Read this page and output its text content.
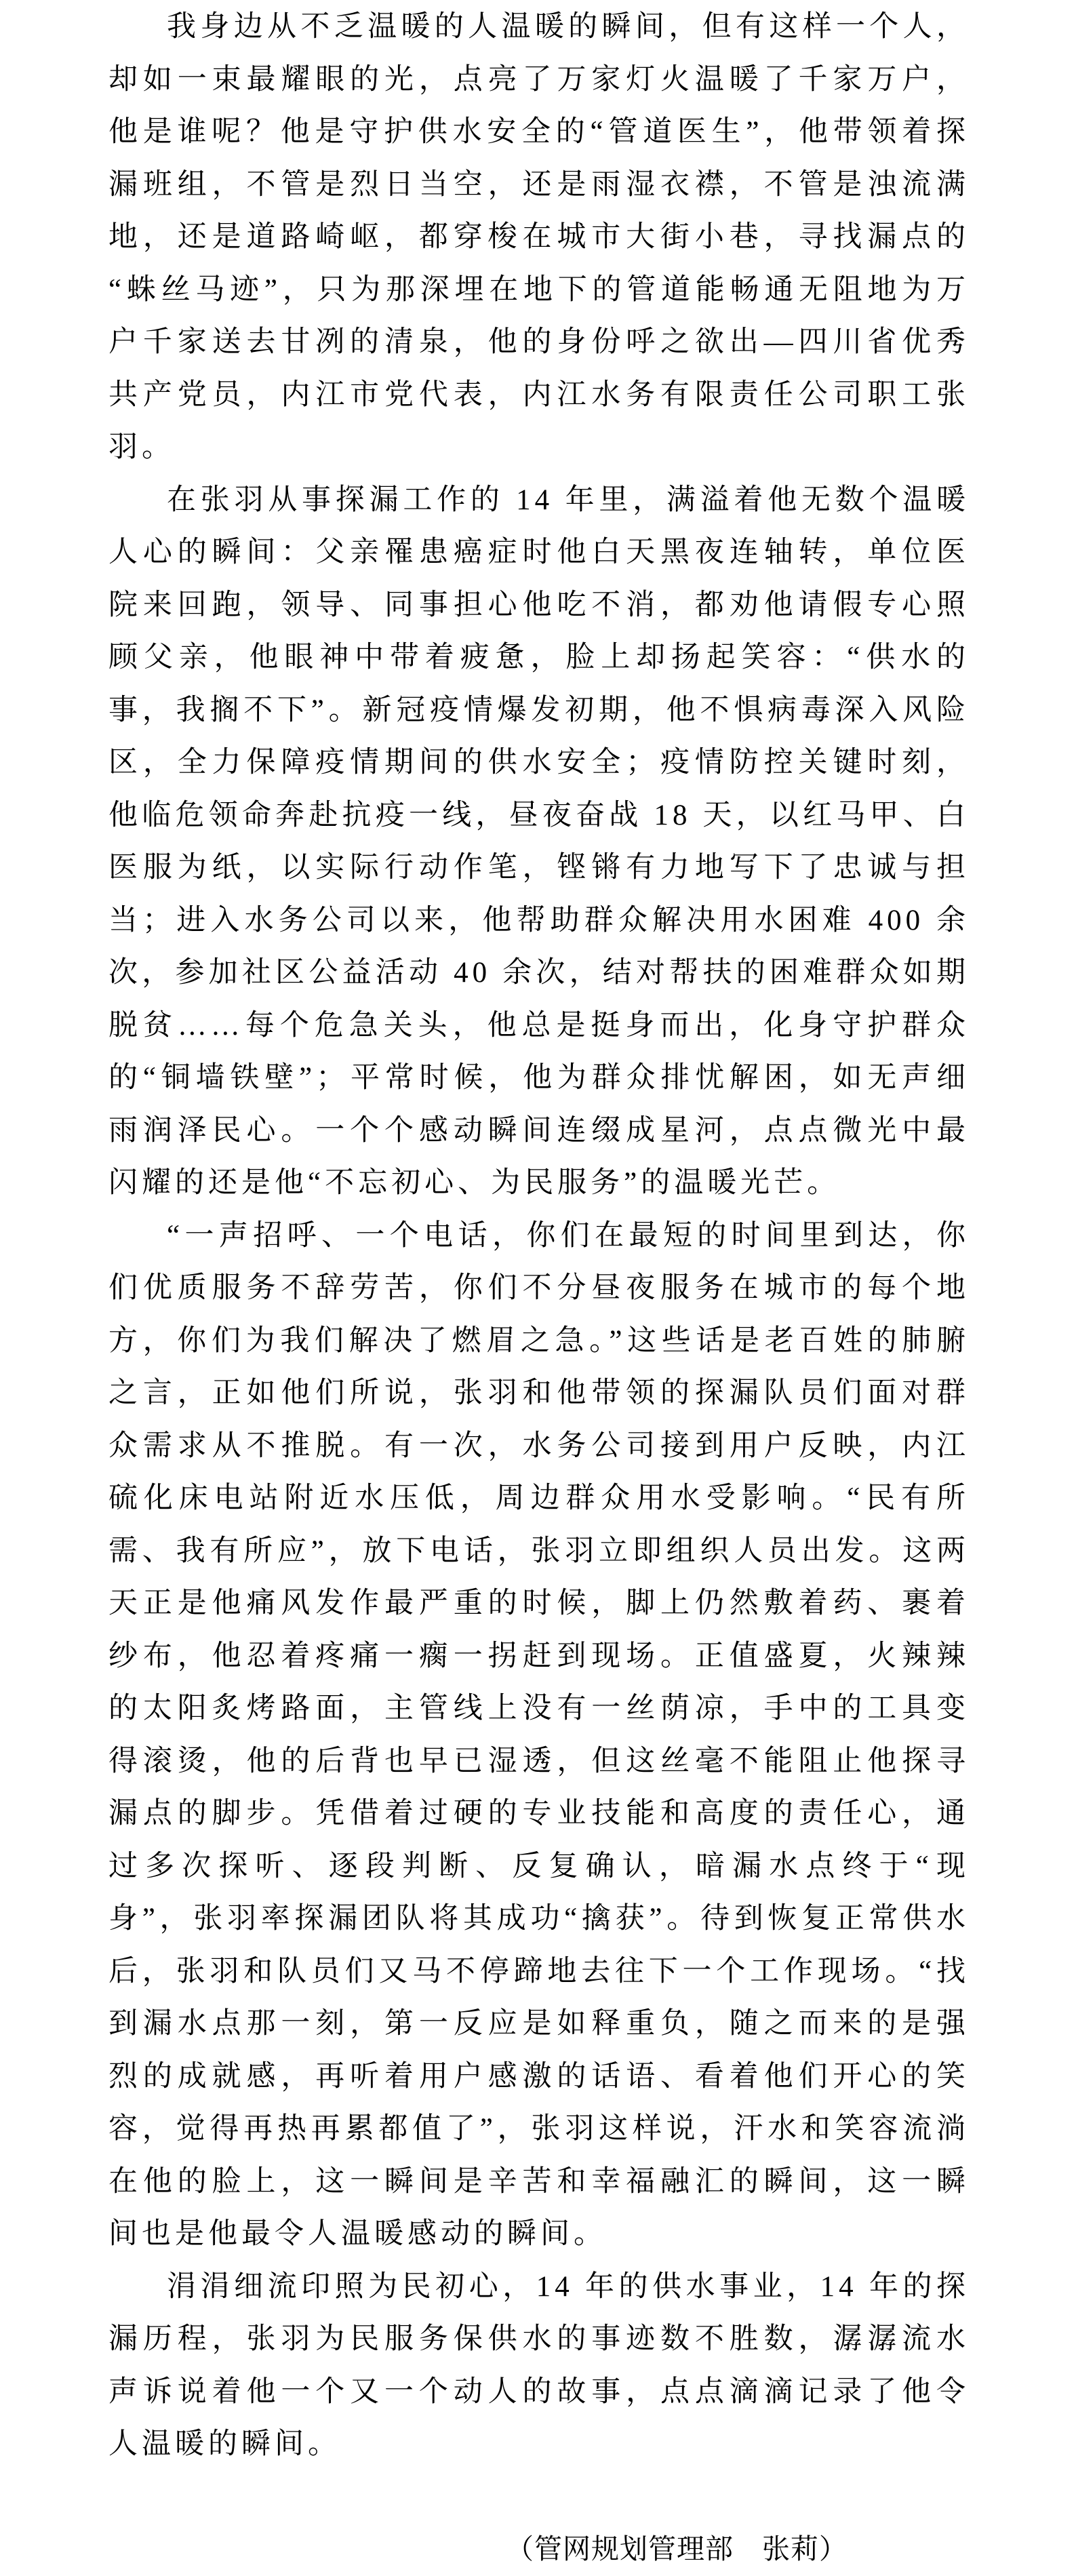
我身边从不乏温暖的人温暖的瞬间，但有这样一个人，却如一束最耀眼的光，点亮了万家灯火温暖了千家万户，他是谁呢？他是守护供水安全的“管道医生”，他带领着探漏班组，不管是烈日当空，还是雨湿衣襟，不管是浊流满地，还是道路崎岖，都穿梭在城市大街小巷，寻找漏点的“蛛丝马迹”，只为那深埋在地下的管道能畅通无阻地为万户千家送去甘冽的清泉，他的身份呼之欲出—四川省优秀共产党员，内江市党代表，内江水务有限责任公司职工张羽。

在张羽从事探漏工作的 14 年里，满溢着他无数个温暖人心的瞬间：父亲罹患癌症时他白天黑夜连轴转，单位医院来回跑，领导、同事担心他吃不消，都劝他请假专心照顾父亲，他眼神中带着疲惫，脸上却扬起笑容：“供水的事，我搁不下”。新冠疫情爆发初期，他不惧病毒深入风险区，全力保障疫情期间的供水安全；疫情防控关键时刻，他临危领命奔赴抗疫一线，昼夜奋战 18 天，以红马甲、白医服为纸，以实际行动作笔，铿锵有力地写下了忠诚与担当；进入水务公司以来，他帮助群众解决用水困难 400 余次，参加社区公益活动 40 余次，结对帮扶的困难群众如期脱贫……每个危急关头，他总是挺身而出，化身守护群众的“铜墙铁壁”；平常时候，他为群众排忧解困，如无声细雨润泽民心。一个个感动瞬间连缀成星河，点点微光中最闪耀的还是他“不忘初心、为民服务”的温暖光芒。

“一声招呼、一个电话，你们在最短的时间里到达，你们优质服务不辞劳苦，你们不分昼夜服务在城市的每个地方，你们为我们解决了燃眉之急。”这些话是老百姓的肺腑之言，正如他们所说，张羽和他带领的探漏队员们面对群众需求从不推脱。有一次，水务公司接到用户反映，内江硫化床电站附近水压低，周边群众用水受影响。“民有所需、我有所应”，放下电话，张羽立即组织人员出发。这两天正是他痛风发作最严重的时候，脚上仍然敷着药、裹着纱布，他忍着疼痛一瘸一拐赶到现场。正值盛夏，火辣辣的太阳炙烤路面，主管线上没有一丝荫凉，手中的工具变得滚烫，他的后背也早已湿透，但这丝毫不能阻止他探寻漏点的脚步。凭借着过硬的专业技能和高度的责任心，通过多次探听、逐段判断、反复确认，暗漏水点终于“现身”，张羽率探漏团队将其成功“擒获”。待到恢复正常供水后，张羽和队员们又马不停蹄地去往下一个工作现场。“找到漏水点那一刻，第一反应是如释重负，随之而来的是强烈的成就感，再听着用户感激的话语、看着他们开心的笑容，觉得再热再累都值了”，张羽这样说，汗水和笑容流淌在他的脸上，这一瞬间是辛苦和幸福融汇的瞬间，这一瞬间也是他最令人温暖感动的瞬间。

涓涓细流印照为民初心，14 年的供水事业，14 年的探漏历程，张羽为民服务保供水的事迹数不胜数，潺潺流水声诉说着他一个又一个动人的故事，点点滴滴记录了他令人温暖的瞬间。

（管网规划管理部　张莉）
